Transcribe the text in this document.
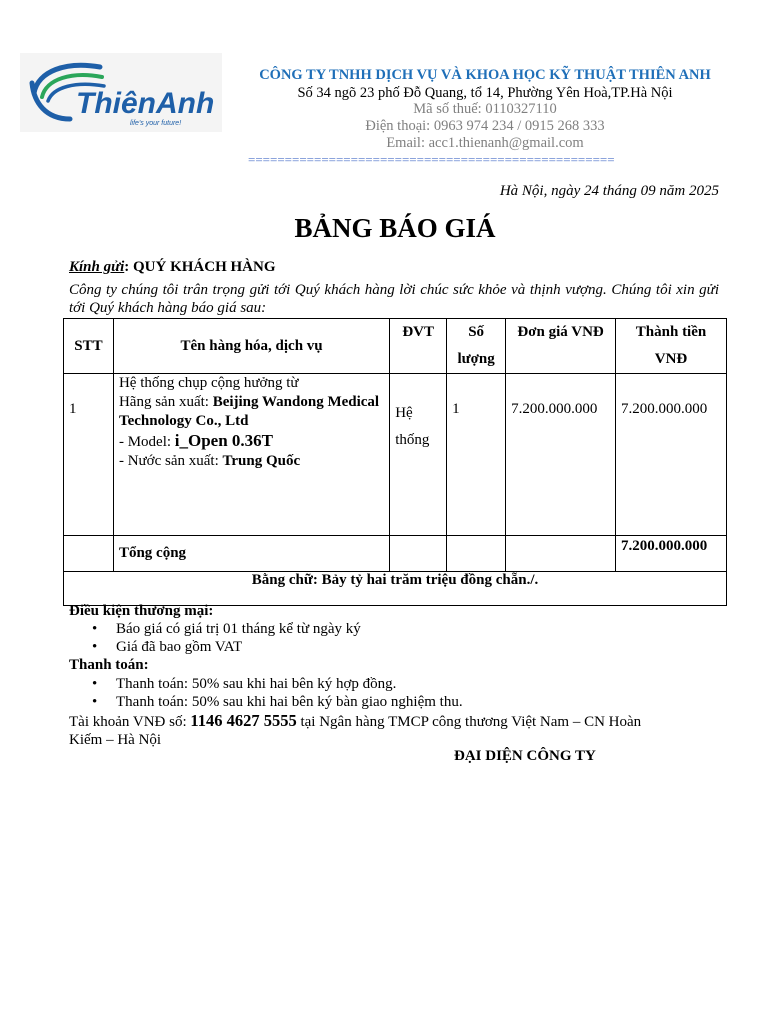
ThiênAnh
life's your future!
CÔNG TY TNHH DỊCH VỤ VÀ KHOA HỌC KỸ THUẬT THIÊN ANH
Số 34 ngõ 23 phố Đỗ Quang, tổ 14, Phường Yên Hoà,TP.Hà Nội
Mã số thuế: 0110327110
Điện thoại: 0963 974 234 / 0915 268 333
Email: acc1.thienanh@gmail.com
==================================================
Hà Nội, ngày 24 tháng 09 năm 2025
BẢNG BÁO GIÁ
Kính gửi: QUÝ KHÁCH HÀNG
Công ty chúng tôi trân trọng gửi tới Quý khách hàng lời chúc sức khỏe và thịnh vượng. Chúng tôi xin gửi tới Quý khách hàng báo giá sau:
STT	Tên hàng hóa, dịch vụ	ĐVT	Số lượng	Đơn giá VNĐ	Thành tiền VNĐ
1	Hệ thống chụp cộng hưởng từ
Hãng sản xuất: Beijing Wandong Medical Technology Co., Ltd
- Model: i_Open 0.36T
- Nước sản xuất: Trung Quốc	Hệ thống	1	7.200.000.000	7.200.000.000
	Tổng cộng				7.200.000.000
Bằng chữ: Bảy tỷ hai trăm triệu đồng chẵn./.					
Điều kiện thương mại:
Báo giá có giá trị 01 tháng kể từ ngày ký
Giá đã bao gồm VAT
Thanh toán:
Thanh toán: 50% sau khi hai bên ký hợp đồng.
Thanh toán: 50% sau khi hai bên ký bàn giao nghiệm thu.
Tài khoản VNĐ số: 1146 4627 5555 tại Ngân hàng TMCP công thương Việt Nam – CN Hoàn
Kiếm – Hà Nội
ĐẠI DIỆN CÔNG TY
